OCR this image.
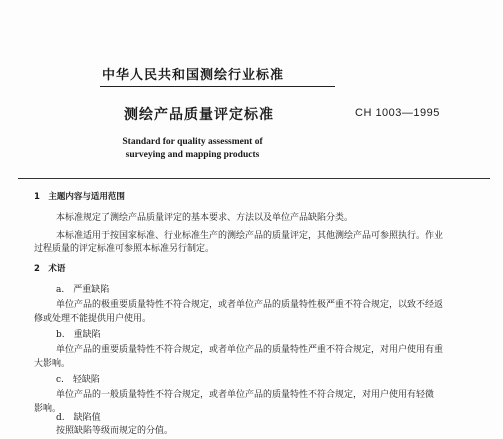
中华人民共和国测绘行业标准
测绘产品质量评定标准	CH 1003—1995
Standard for quality assessment of
surveying and mapping products
1　主题内容与适用范围
本标准规定了测绘产品质量评定的基本要求、方法以及单位产品缺陷分类。
本标准适用于按国家标准、行业标准生产的测绘产品的质量评定，其他测绘产品可参照执行。作业
过程质量的评定标准可参照本标准另行制定。
2　术语
a.　严重缺陷
单位产品的极重要质量特性不符合规定，或者单位产品的质量特性极严重不符合规定，以致不经返
修或处理不能提供用户使用。
b.　重缺陷
单位产品的重要质量特性不符合规定，或者单位产品的质量特性严重不符合规定，对用户使用有重
大影响。
c.　轻缺陷
单位产品的一般质量特性不符合规定，或者单位产品的质量特性不符合规定，对用户使用有轻微
影响。
d.　缺陷值
按照缺陷等级而规定的分值。
